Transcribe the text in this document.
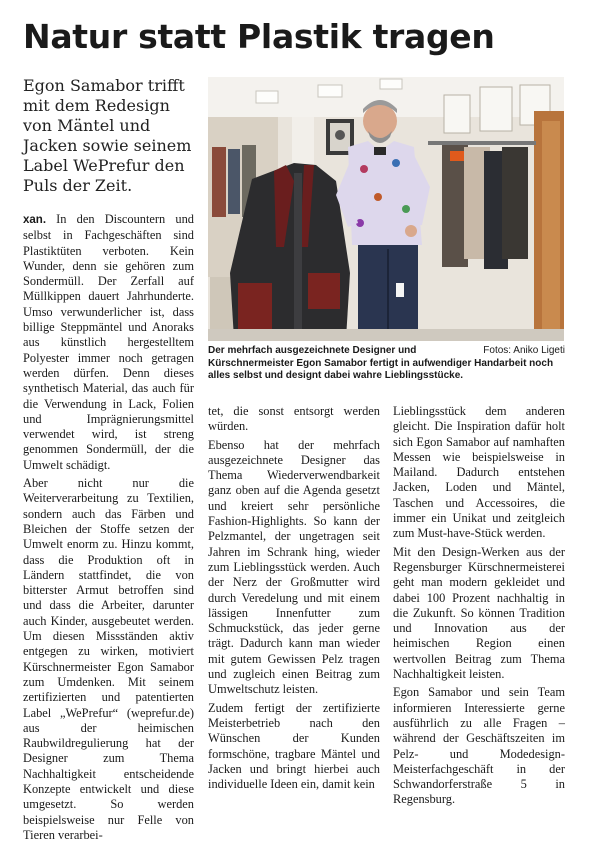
Natur statt Plastik tragen

Egon Samabor trifft mit dem Redesign von Mäntel und Jacken sowie seinem Label WePrefur den Puls der Zeit.

xan. In den Discountern und selbst in Fachgeschäften sind Plastiktüten verboten. Kein Wunder, denn sie gehören zum Sondermüll. Der Zerfall auf Müllkippen dauert Jahrhunderte. Umso verwunderlicher ist, dass billige Steppmäntel und Anoraks aus künstlich hergestelltem Polyester immer noch getragen werden dürfen. Denn dieses synthetisch Material, das auch für die Verwendung in Lack, Folien und Imprägnierungsmittel verwendet wird, ist streng genommen Sondermüll, der die Umwelt schädigt.

Aber nicht nur die Weiterverarbeitung zu Textilien, sondern auch das Färben und Bleichen der Stoffe setzen der Umwelt enorm zu. Hinzu kommt, dass die Produktion oft in Ländern stattfindet, die von bitterster Armut betroffen sind und dass die Arbeiter, darunter auch Kinder, ausgebeutet werden. Um diesen Missständen aktiv entgegen zu wirken, motiviert Kürschnermeister Egon Samabor zum Umdenken. Mit seinem zertifizierten und patentierten Label „WePrefur“ (weprefur.de) aus der heimischen Raubwildregulierung hat der Designer zum Thema Nachhaltigkeit entscheidende Konzepte entwickelt und diese umgesetzt. So werden beispielsweise nur Felle von Tieren verarbei-

Fotos: Aniko Ligeti
Der mehrfach ausgezeichnete Designer und Kürschnermeister Egon Samabor fertigt in aufwendiger Handarbeit noch alles selbst und designt dabei wahre Lieblingsstücke.

tet, die sonst entsorgt werden würden.

Ebenso hat der mehrfach ausgezeichnete Designer das Thema Wiederverwendbarkeit ganz oben auf die Agenda gesetzt und kreiert sehr persönliche Fashion-Highlights. So kann der Pelzmantel, der ungetragen seit Jahren im Schrank hing, wieder zum Lieblingsstück werden. Auch der Nerz der Großmutter wird durch Veredelung und mit einem lässigen Innenfutter zum Schmuckstück, das jeder gerne trägt. Dadurch kann man wieder mit gutem Gewissen Pelz tragen und zugleich einen Beitrag zum Umweltschutz leisten.

Zudem fertigt der zertifizierte Meisterbetrieb nach den Wünschen der Kunden formschöne, tragbare Mäntel und Jacken und bringt hierbei auch individuelle Ideen ein, damit kein

Lieblingsstück dem anderen gleicht. Die Inspiration dafür holt sich Egon Samabor auf namhaften Messen wie beispielsweise in Mailand. Dadurch entstehen Jacken, Loden und Mäntel, Taschen und Accessoires, die immer ein Unikat und zeitgleich zum Must-have-Stück werden.

Mit den Design-Werken aus der Regensburger Kürschnermeisterei geht man modern gekleidet und dabei 100 Prozent nachhaltig in die Zukunft. So können Tradition und Innovation aus der heimischen Region einen wertvollen Beitrag zum Thema Nachhaltigkeit leisten.

Egon Samabor und sein Team informieren Interessierte gerne ausführlich zu alle Fragen – während der Geschäftszeiten im Pelz- und Modedesign-Meisterfachgeschäft in der Schwandorferstraße 5 in Regensburg.
